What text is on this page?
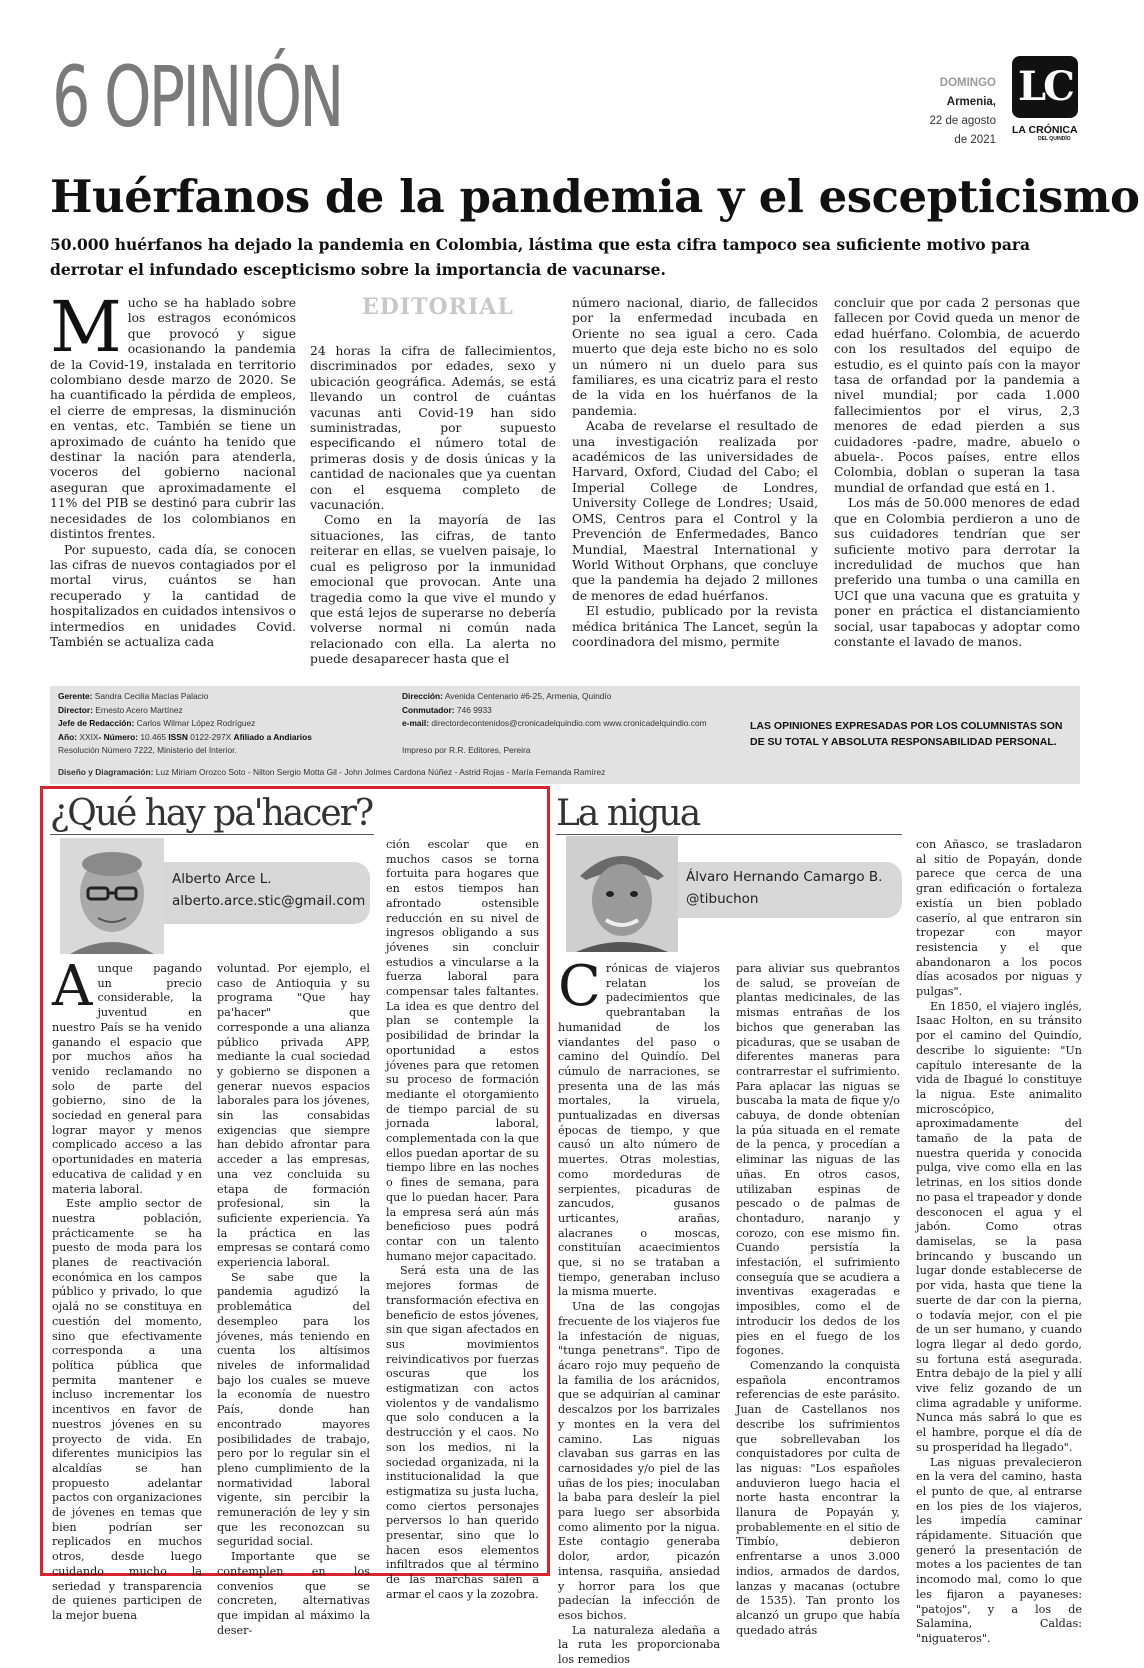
6 OPINIÓN	DOMINGO
Armenia,
22 de agosto
de 2021
LC
LA CRÓNICA
DEL QUINDÍO
Huérfanos de la pandemia y el escepticismo
50.000 huérfanos ha dejado la pandemia en Colombia, lástima que esta cifra tampoco sea suficiente motivo para derrotar el infundado escepticismo sobre la importancia de vacunarse.

Mucho se ha hablado sobre los estragos económicos que provocó y sigue ocasionando la pandemia de la Covid-19, instalada en territorio colombiano desde marzo de 2020. Se ha cuantificado la pérdida de empleos, el cierre de empresas, la disminución en ventas, etc. También se tiene un aproximado de cuánto ha tenido que destinar la nación para atenderla, voceros del gobierno nacional aseguran que aproximadamente el 11% del PIB se destinó para cubrir las necesidades de los colombianos en distintos frentes.

Por supuesto, cada día, se conocen las cifras de nuevos contagiados por el mortal virus, cuántos se han recuperado y la cantidad de hospitalizados en cuidados intensivos o intermedios en unidades Covid. También se actualiza cada

EDITORIAL

24 horas la cifra de fallecimientos, discriminados por edades, sexo y ubicación geográfica. Además, se está llevando un control de cuántas vacunas anti Covid-19 han sido suministradas, por supuesto especificando el número total de primeras dosis y de dosis únicas y la cantidad de nacionales que ya cuentan con el esquema completo de vacunación.

Como en la mayoría de las situaciones, las cifras, de tanto reiterar en ellas, se vuelven paisaje, lo cual es peligroso por la inmunidad emocional que provocan. Ante una tragedia como la que vive el mundo y que está lejos de superarse no debería volverse normal ni común nada relacionado con ella. La alerta no puede desaparecer hasta que el

número nacional, diario, de fallecidos por la enfermedad incubada en Oriente no sea igual a cero. Cada muerto que deja este bicho no es solo un número ni un duelo para sus familiares, es una cicatriz para el resto de la vida en los huérfanos de la pandemia.

Acaba de revelarse el resultado de una investigación realizada por académicos de las universidades de Harvard, Oxford, Ciudad del Cabo; el Imperial College de Londres, University College de Londres; Usaid, OMS, Centros para el Control y la Prevención de Enfermedades, Banco Mundial, Maestral International y World Without Orphans, que concluye que la pandemia ha dejado 2 millones de menores de edad huérfanos.

El estudio, publicado por la revista médica británica The Lancet, según la coordinadora del mismo, permite

concluir que por cada 2 personas que fallecen por Covid queda un menor de edad huérfano. Colombia, de acuerdo con los resultados del equipo de estudio, es el quinto país con la mayor tasa de orfandad por la pandemia a nivel mundial; por cada 1.000 fallecimientos por el virus, 2,3 menores de edad pierden a sus cuidadores -padre, madre, abuelo o abuela-. Pocos países, entre ellos Colombia, doblan o superan la tasa mundial de orfandad que está en 1.

Los más de 50.000 menores de edad que en Colombia perdieron a uno de sus cuidadores tendrían que ser suficiente motivo para derrotar la incredulidad de muchos que han preferido una tumba o una camilla en UCI que una vacuna que es gratuita y poner en práctica el distanciamiento social, usar tapabocas y adoptar como constante el lavado de manos.

Gerente: Sandra Cecilia Macías Palacio
Director: Ernesto Acero Martínez
Jefe de Redacción: Carlos Wilmar López Rodríguez
Año: XXIX- Número: 10.465 ISSN 0122-297X Afiliado a Andiarios
Resolución Número 7222, Ministerio del Interior.
Dirección: Avenida Centenario #6-25, Armenia, Quindío
Conmutador: 746 9933
e-mail: directordecontenidos@cronicadelquindio.com www.cronicadelquindio.com
Impreso por R.R. Editores, Pereira
LAS OPINIONES EXPRESADAS POR LOS COLUMNISTAS SON DE SU TOTAL Y ABSOLUTA RESPONSABILIDAD PERSONAL.
Diseño y Diagramación: Luz Miriam Orozco Soto - Nilton Sergio Motta Gil - John Jolmes Cardona Núñez - Astrid Rojas - María Fernanda Ramírez
¿Qué hay pa'hacer?
Alberto Arce L.
alberto.arce.stic@gmail.com

Aunque pagando un precio considerable, la juventud en nuestro País se ha venido ganando el espacio que por muchos años ha venido reclamando no solo de parte del gobierno, sino de la sociedad en general para lograr mayor y menos complicado acceso a las oportunidades en materia educativa de calidad y en materia laboral.

Este amplio sector de nuestra población, prácticamente se ha puesto de moda para los planes de reactivación económica en los campos público y privado, lo que ojalá no se constituya en cuestión del momento, sino que efectivamente corresponda a una política pública que permita mantener e incluso incrementar los incentivos en favor de nuestros jóvenes en su proyecto de vida. En diferentes municipios las alcaldías se han propuesto adelantar pactos con organizaciones de jóvenes en temas que bien podrían ser replicados en muchos otros, desde luego cuidando mucho la seriedad y transparencia de quienes participen de la mejor buena

voluntad. Por ejemplo, el caso de Antioquia y su programa "Que hay pa'hacer" que corresponde a una alianza público privada APP, mediante la cual sociedad y gobierno se disponen a generar nuevos espacios laborales para los jóvenes, sin las consabidas exigencias que siempre han debido afrontar para acceder a las empresas, una vez concluida su etapa de formación profesional, sin la suficiente experiencia. Ya la práctica en las empresas se contará como experiencia laboral.

Se sabe que la pandemia agudizó la problemática del desempleo para los jóvenes, más teniendo en cuenta los altísimos niveles de informalidad bajo los cuales se mueve la economía de nuestro País, donde han encontrado mayores posibilidades de trabajo, pero por lo regular sin el pleno cumplimiento de la normatividad laboral vigente, sin percibir la remuneración de ley y sin que les reconozcan su seguridad social.

Importante que se contemplen en los convenios que se concreten, alternativas que impidan al máximo la deser-

ción escolar que en muchos casos se torna fortuita para hogares que en estos tiempos han afrontado ostensible reducción en su nivel de ingresos obligando a sus jóvenes sin concluir estudios a vincularse a la fuerza laboral para compensar tales faltantes. La idea es que dentro del plan se contemple la posibilidad de brindar la oportunidad a estos jóvenes para que retomen su proceso de formación mediante el otorgamiento de tiempo parcial de su jornada laboral, complementada con la que ellos puedan aportar de su tiempo libre en las noches o fines de semana, para que lo puedan hacer. Para la empresa será aún más beneficioso pues podrá contar con un talento humano mejor capacitado.

Será esta una de las mejores formas de transformación efectiva en beneficio de estos jóvenes, sin que sigan afectados en sus movimientos reivindicativos por fuerzas oscuras que los estigmatizan con actos violentos y de vandalismo que solo conducen a la destrucción y el caos. No son los medios, ni la sociedad organizada, ni la institucionalidad la que estigmatiza su justa lucha, como ciertos personajes perversos lo han querido presentar, sino que lo hacen esos elementos infiltrados que al término de las marchas salen a armar el caos y la zozobra.

La nigua
Álvaro Hernando Camargo B.
@tibuchon

Crónicas de viajeros relatan los padecimientos que quebrantaban la humanidad de los viandantes del paso o camino del Quindío. Del cúmulo de narraciones, se presenta una de las más mortales, la viruela, puntualizadas en diversas épocas de tiempo, y que causó un alto número de muertes. Otras molestias, como mordeduras de serpientes, picaduras de zancudos, gusanos urticantes, arañas, alacranes o moscas, constituían acaecimientos que, si no se trataban a tiempo, generaban incluso la misma muerte.

Una de las congojas frecuente de los viajeros fue la infestación de niguas, "tunga penetrans". Tipo de ácaro rojo muy pequeño de la familia de los arácnidos, que se adquirían al caminar descalzos por los barrizales y montes en la vera del camino. Las niguas clavaban sus garras en las carnosidades y/o piel de las uñas de los pies; inoculaban la baba para desleír la piel para luego ser absorbida como alimento por la nigua. Este contagio generaba dolor, ardor, picazón intensa, rasquiña, ansiedad y horror para los que padecían la infección de esos bichos.

La naturaleza aledaña a la ruta les proporcionaba los remedios

para aliviar sus quebrantos de salud, se proveían de plantas medicinales, de las mismas entrañas de los bichos que generaban las picaduras, que se usaban de diferentes maneras para contrarrestar el sufrimiento. Para aplacar las niguas se buscaba la mata de fique y/o cabuya, de donde obtenían la púa situada en el remate de la penca, y procedían a eliminar las niguas de las uñas. En otros casos, utilizaban espinas de pescado o de palmas de chontaduro, naranjo y corozo, con ese mismo fin. Cuando persistía la infestación, el sufrimiento conseguía que se acudiera a inventivas exageradas e imposibles, como el de introducir los dedos de los pies en el fuego de los fogones.

Comenzando la conquista española encontramos referencias de este parásito. Juan de Castellanos nos describe los sufrimientos que sobrellevaban los conquistadores por culta de las niguas: "Los españoles anduvieron luego hacia el norte hasta encontrar la llanura de Popayán y, probablemente en el sitio de Timbío, debieron enfrentarse a unos 3.000 indios, armados de dardos, lanzas y macanas (octubre de 1535). Tan pronto los alcanzó un grupo que había quedado atrás

con Añasco, se trasladaron al sitio de Popayán, donde parece que cerca de una gran edificación o fortaleza existía un bien poblado caserío, al que entraron sin tropezar con mayor resistencia y el que abandonaron a los pocos días acosados por niguas y pulgas".

En 1850, el viajero inglés, Isaac Holton, en su tránsito por el camino del Quindío, describe lo siguiente: "Un capítulo interesante de la vida de Ibagué lo constituye la nigua. Este animalito microscópico, aproximadamente del tamaño de la pata de nuestra querida y conocida pulga, vive como ella en las letrinas, en los sitios donde no pasa el trapeador y donde desconocen el agua y el jabón. Como otras damiselas, se la pasa brincando y buscando un lugar donde establecerse de por vida, hasta que tiene la suerte de dar con la pierna, o todavía mejor, con el pie de un ser humano, y cuando logra llegar al dedo gordo, su fortuna está asegurada. Entra debajo de la piel y allí vive feliz gozando de un clima agradable y uniforme. Nunca más sabrá lo que es el hambre, porque el día de su prosperidad ha llegado".

Las niguas prevalecieron en la vera del camino, hasta el punto de que, al entrarse en los pies de los viajeros, les impedía caminar rápidamente. Situación que generó la presentación de motes a los pacientes de tan incomodo mal, como lo que les fijaron a payaneses: "patojos", y a los de Salamina, Caldas: "niguateros".
